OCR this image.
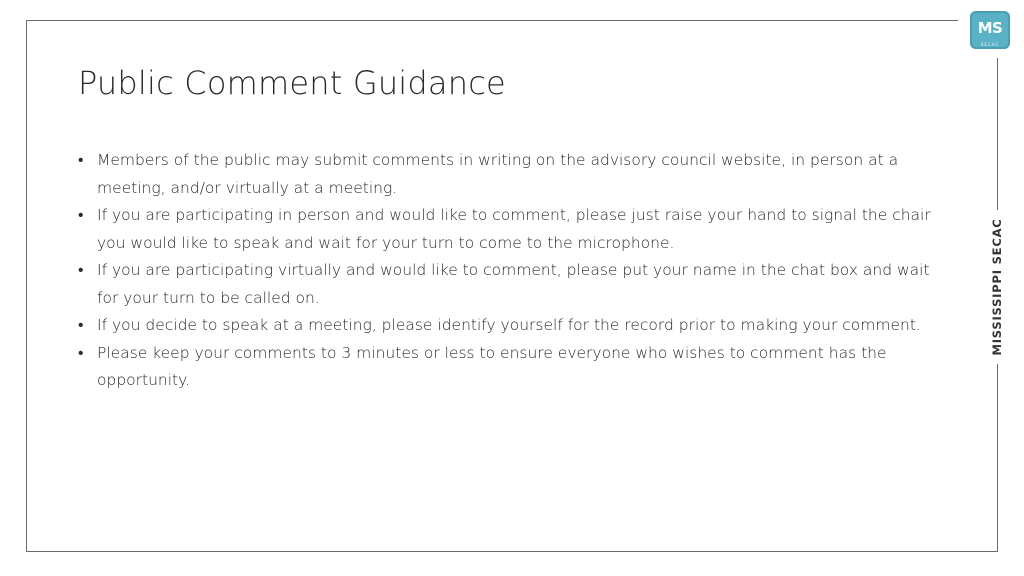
MS
SECAC
MISSISSIPPI SECAC
Public Comment Guidance
• Members of the public may submit comments in writing on the advisory council website, in person at a meeting, and/or virtually at a meeting.
• If you are participating in person and would like to comment, please just raise your hand to signal the chair you would like to speak and wait for your turn to come to the microphone.
• If you are participating virtually and would like to comment, please put your name in the chat box and wait for your turn to be called on.
• If you decide to speak at a meeting, please identify yourself for the record prior to making your comment.
• Please keep your comments to 3 minutes or less to ensure everyone who wishes to comment has the opportunity.
